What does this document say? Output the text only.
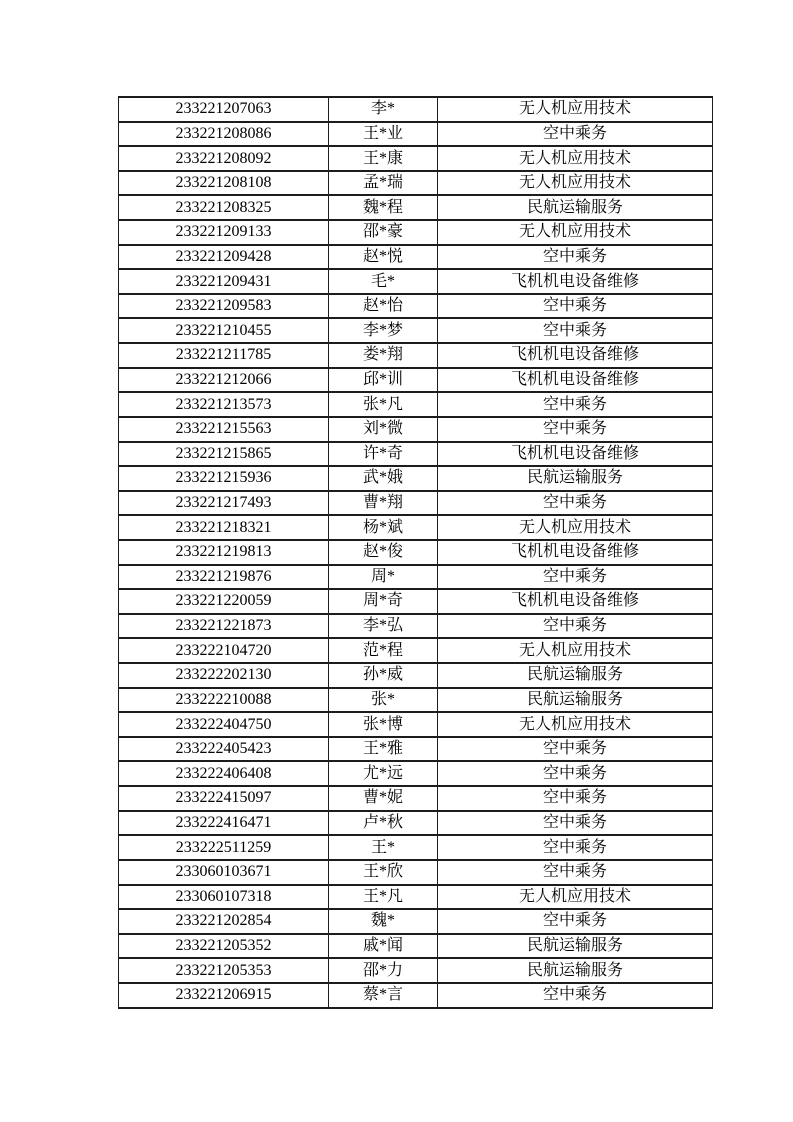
233221207063	李*	无人机应用技术
233221208086	王*业	空中乘务
233221208092	王*康	无人机应用技术
233221208108	孟*瑞	无人机应用技术
233221208325	魏*程	民航运输服务
233221209133	邵*豪	无人机应用技术
233221209428	赵*悦	空中乘务
233221209431	毛*	飞机机电设备维修
233221209583	赵*怡	空中乘务
233221210455	李*梦	空中乘务
233221211785	娄*翔	飞机机电设备维修
233221212066	邱*训	飞机机电设备维修
233221213573	张*凡	空中乘务
233221215563	刘*微	空中乘务
233221215865	许*奇	飞机机电设备维修
233221215936	武*娥	民航运输服务
233221217493	曹*翔	空中乘务
233221218321	杨*斌	无人机应用技术
233221219813	赵*俊	飞机机电设备维修
233221219876	周*	空中乘务
233221220059	周*奇	飞机机电设备维修
233221221873	李*弘	空中乘务
233222104720	范*程	无人机应用技术
233222202130	孙*威	民航运输服务
233222210088	张*	民航运输服务
233222404750	张*博	无人机应用技术
233222405423	王*雅	空中乘务
233222406408	尤*远	空中乘务
233222415097	曹*妮	空中乘务
233222416471	卢*秋	空中乘务
233222511259	王*	空中乘务
233060103671	王*欣	空中乘务
233060107318	王*凡	无人机应用技术
233221202854	魏*	空中乘务
233221205352	戚*闻	民航运输服务
233221205353	邵*力	民航运输服务
233221206915	蔡*言	空中乘务
